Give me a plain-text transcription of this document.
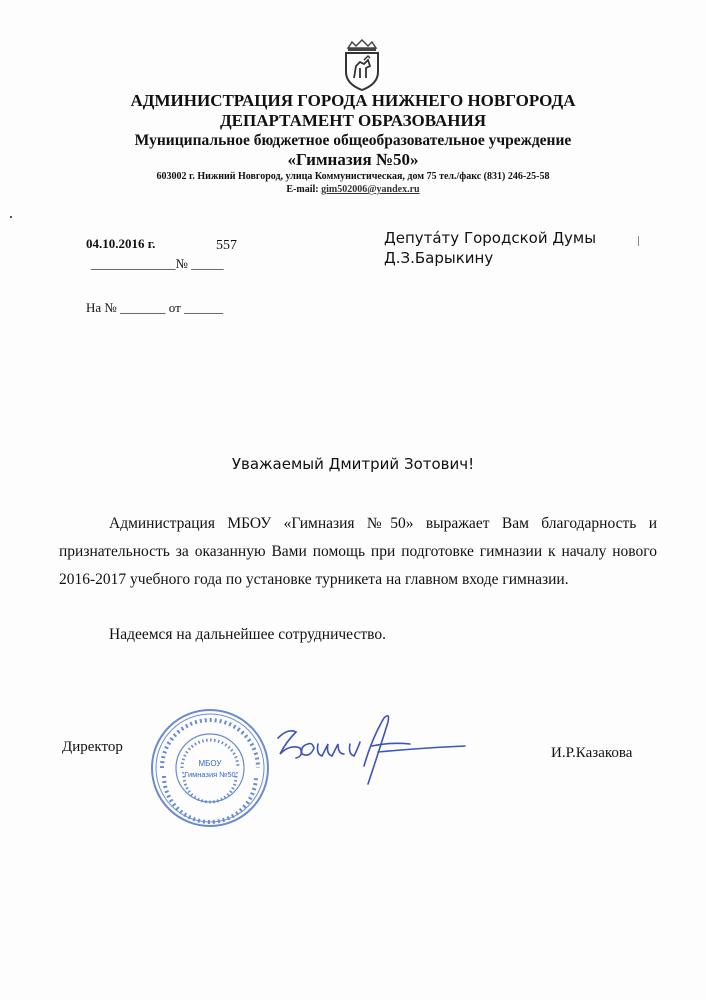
АДМИНИСТРАЦИЯ ГОРОДА НИЖНЕГО НОВГОРОДА
ДЕПАРТАМЕНТ ОБРАЗОВАНИЯ
Муниципальное бюджетное общеобразовательное учреждение
«Гимназия №50»
603002 г. Нижний Новгород, улица Коммунистическая, дом 75 тел./факс (831) 246-25-58
E-mail: gim502006@yandex.ru
04.10.2016 г.	557
_____________№ _____
На № _______ от ______
Депутáту Городской Думы
Д.З.Барыкину
Уважаемый Дмитрий Зотович!
Администрация МБОУ «Гимназия №50» выражает Вам благодарность и признательность за оказанную Вами помощь при подготовке гимназии к началу нового 2016-2017 учебного года по установке турникета на главном входе гимназии.
Надеемся на дальнейшее сотрудничество.
Директор	И.Р.Казакова
МБОУ
"Гимназия №50"
